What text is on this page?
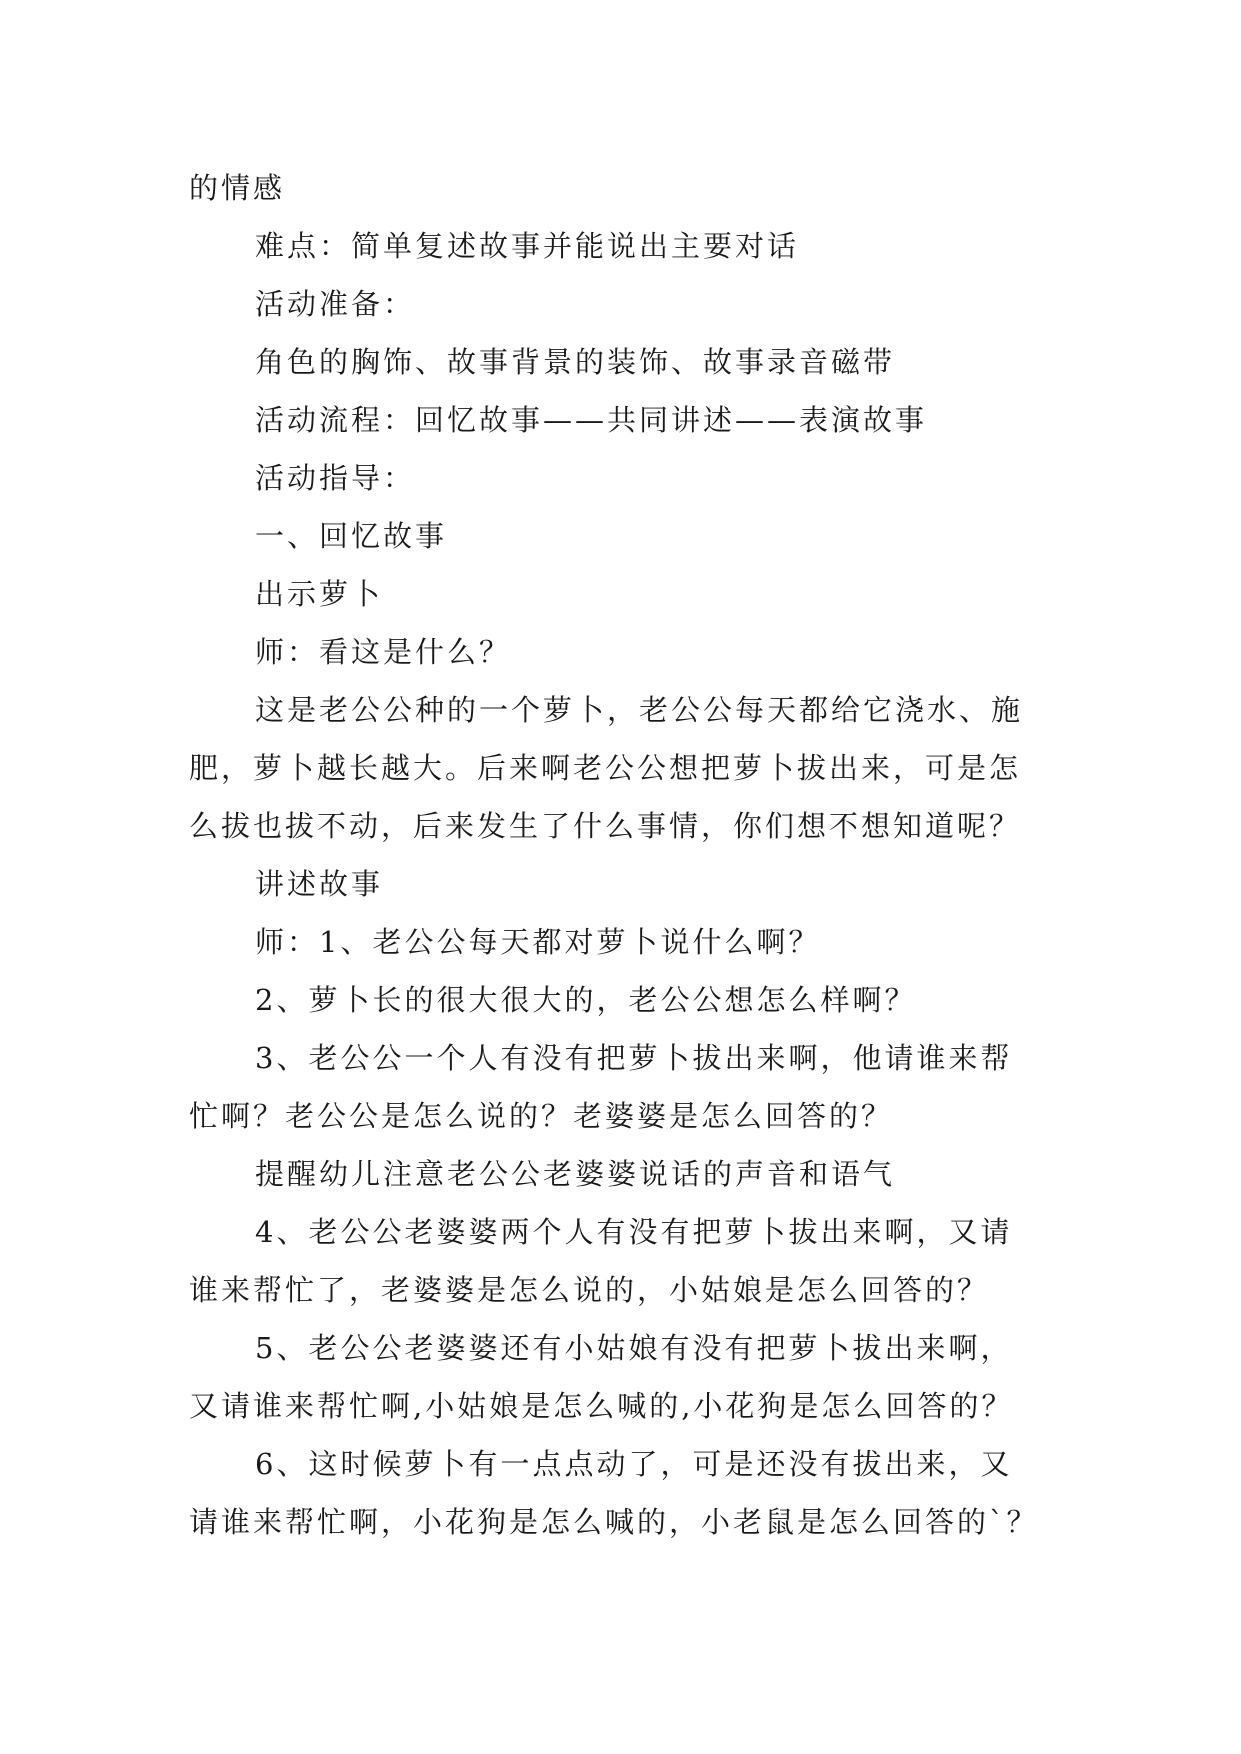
的情感

难点：简单复述故事并能说出主要对话

活动准备：

角色的胸饰、故事背景的装饰、故事录音磁带

活动流程：回忆故事——共同讲述——表演故事

活动指导：

一、回忆故事

出示萝卜

师：看这是什么？

这是老公公种的一个萝卜，老公公每天都给它浇水、施

肥，萝卜越长越大。后来啊老公公想把萝卜拔出来，可是怎

么拔也拔不动，后来发生了什么事情，你们想不想知道呢？

讲述故事

师：1、老公公每天都对萝卜说什么啊？

2、萝卜长的很大很大的，老公公想怎么样啊？

3、老公公一个人有没有把萝卜拔出来啊，他请谁来帮

忙啊？老公公是怎么说的？老婆婆是怎么回答的？

提醒幼儿注意老公公老婆婆说话的声音和语气

4、老公公老婆婆两个人有没有把萝卜拔出来啊，又请

谁来帮忙了，老婆婆是怎么说的，小姑娘是怎么回答的？

5、老公公老婆婆还有小姑娘有没有把萝卜拔出来啊，

又请谁来帮忙啊,小姑娘是怎么喊的,小花狗是怎么回答的？

6、这时候萝卜有一点点动了，可是还没有拔出来，又

请谁来帮忙啊，小花狗是怎么喊的，小老鼠是怎么回答的`？
